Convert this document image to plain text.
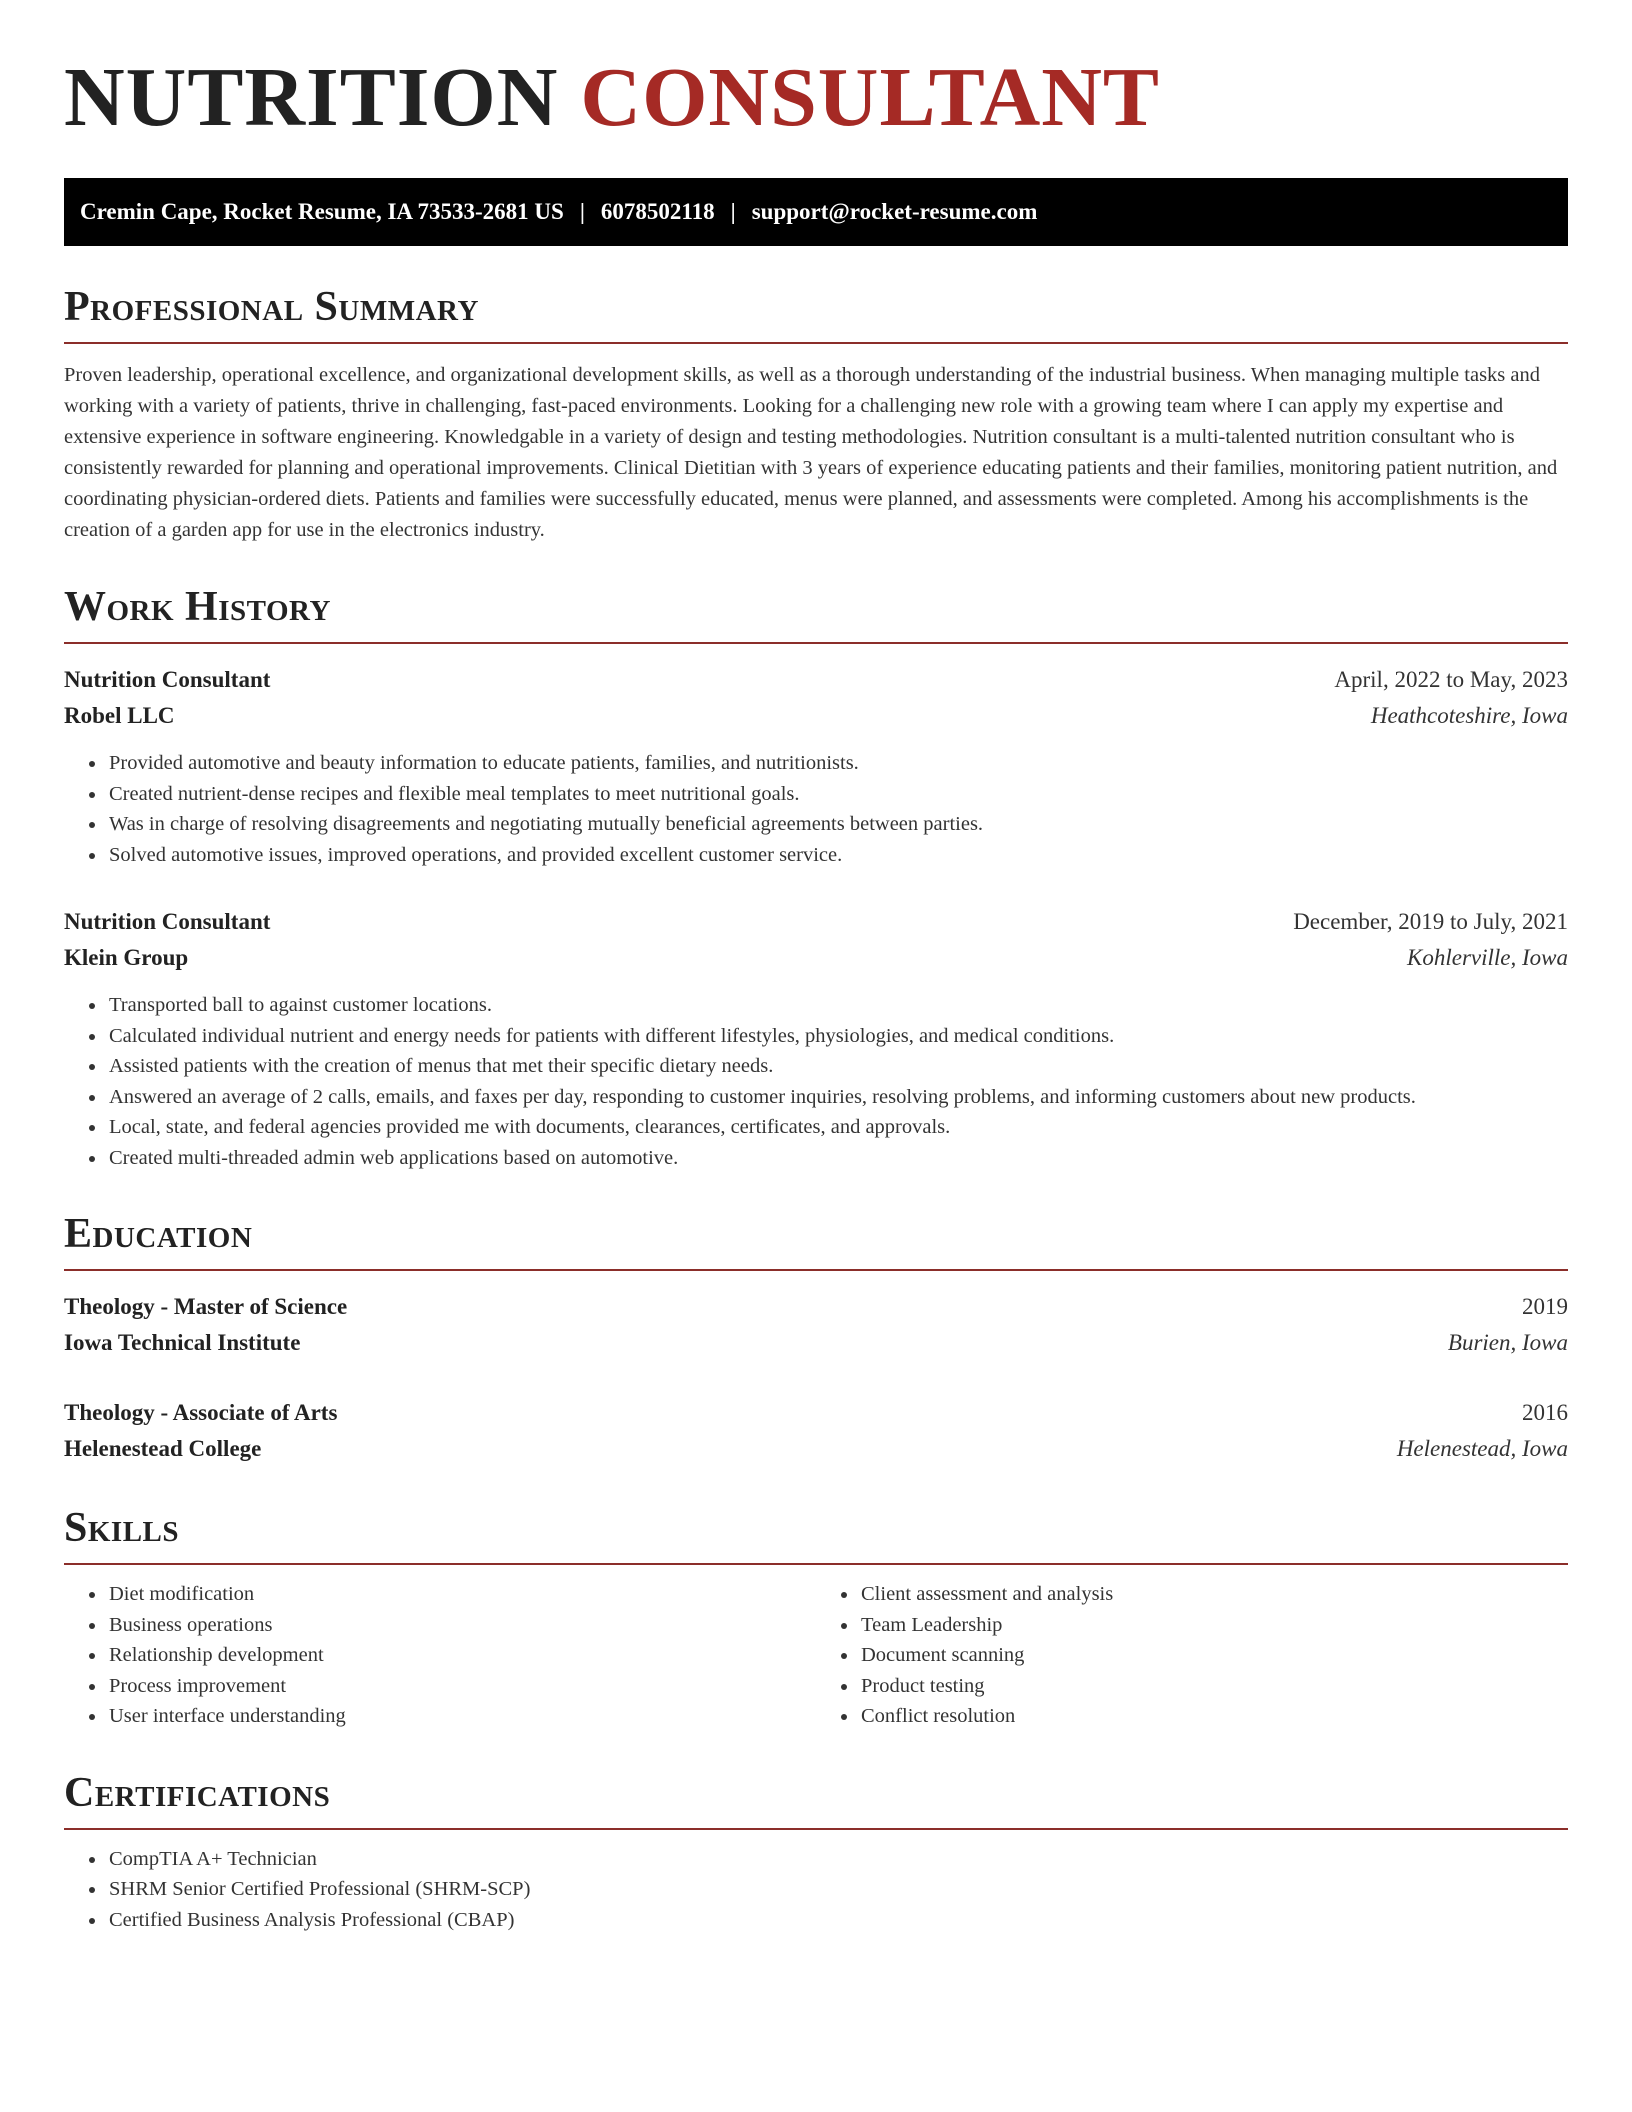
NUTRITION CONSULTANT
Cremin Cape, Rocket Resume, IA 73533-2681 US | 6078502118 | support@rocket-resume.com
Professional Summary

Proven leadership, operational excellence, and organizational development skills, as well as a thorough understanding of the industrial business. When managing multiple tasks and working with a variety of patients, thrive in challenging, fast-paced environments. Looking for a challenging new role with a growing team where I can apply my expertise and extensive experience in software engineering. Knowledgable in a variety of design and testing methodologies. Nutrition consultant is a multi-talented nutrition consultant who is consistently rewarded for planning and operational improvements. Clinical Dietitian with 3 years of experience educating patients and their families, monitoring patient nutrition, and coordinating physician-ordered diets. Patients and families were successfully educated, menus were planned, and assessments were completed. Among his accomplishments is the creation of a garden app for use in the electronics industry.

Work History
Nutrition Consultant	April, 2022 to May, 2023
Robel LLC	Heathcoteshire, Iowa
• Provided automotive and beauty information to educate patients, families, and nutritionists.
• Created nutrient-dense recipes and flexible meal templates to meet nutritional goals.
• Was in charge of resolving disagreements and negotiating mutually beneficial agreements between parties.
• Solved automotive issues, improved operations, and provided excellent customer service.
Nutrition Consultant	December, 2019 to July, 2021
Klein Group	Kohlerville, Iowa
• Transported ball to against customer locations.
• Calculated individual nutrient and energy needs for patients with different lifestyles, physiologies, and medical conditions.
• Assisted patients with the creation of menus that met their specific dietary needs.
• Answered an average of 2 calls, emails, and faxes per day, responding to customer inquiries, resolving problems, and informing customers about new products.
• Local, state, and federal agencies provided me with documents, clearances, certificates, and approvals.
• Created multi-threaded admin web applications based on automotive.
Education
Theology - Master of Science	2019
Iowa Technical Institute	Burien, Iowa
Theology - Associate of Arts	2016
Helenestead College	Helenestead, Iowa
Skills
• Diet modification
• Business operations
• Relationship development
• Process improvement
• User interface understanding
• Client assessment and analysis
• Team Leadership
• Document scanning
• Product testing
• Conflict resolution
Certifications
• CompTIA A+ Technician
• SHRM Senior Certified Professional (SHRM-SCP)
• Certified Business Analysis Professional (CBAP)
